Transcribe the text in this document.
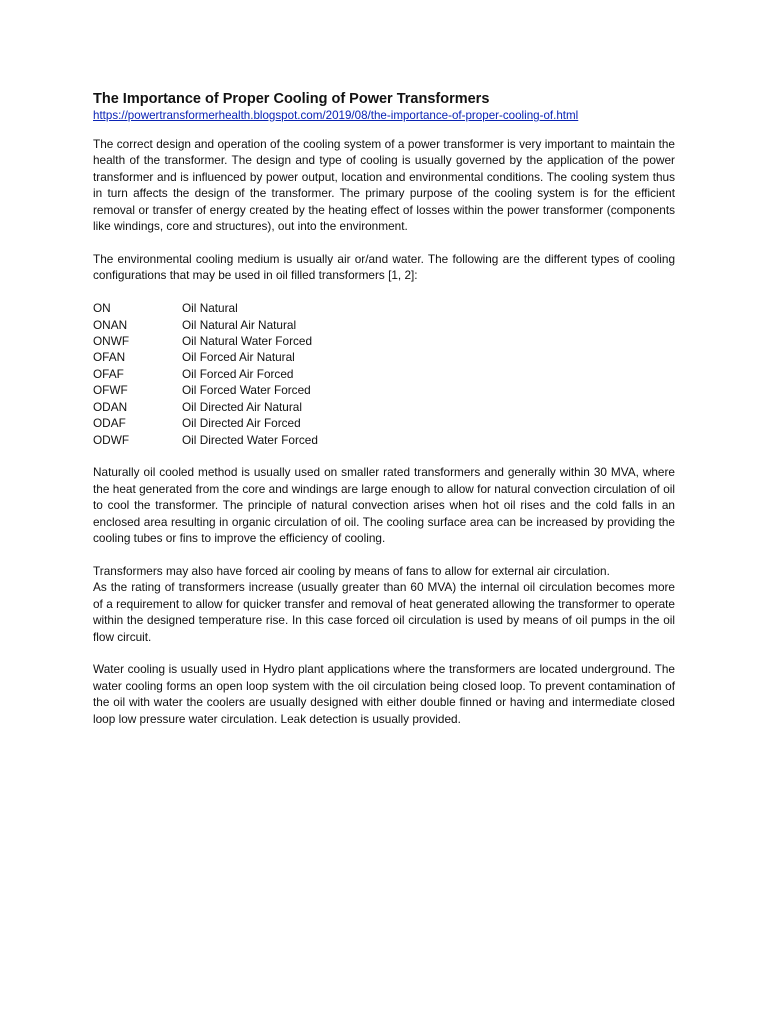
The Importance of Proper Cooling of Power Transformers
https://powertransformerhealth.blogspot.com/2019/08/the-importance-of-proper-cooling-of.html

The correct design and operation of the cooling system of a power transformer is very important to maintain the health of the transformer. The design and type of cooling is usually governed by the application of the power transformer and is influenced by power output, location and environmental conditions. The cooling system thus in turn affects the design of the transformer. The primary purpose of the cooling system is for the efficient removal or transfer of energy created by the heating effect of losses within the power transformer (components like windings, core and structures), out into the environment.

The environmental cooling medium is usually air or/and water. The following are the different types of cooling configurations that may be used in oil filled transformers [1, 2]:

ON	Oil Natural
ONAN	Oil Natural Air Natural
ONWF	Oil Natural Water Forced
OFAN	Oil Forced Air Natural
OFAF	Oil Forced Air Forced
OFWF	Oil Forced Water Forced
ODAN	Oil Directed Air Natural
ODAF	Oil Directed Air Forced
ODWF	Oil Directed Water Forced

Naturally oil cooled method is usually used on smaller rated transformers and generally within 30 MVA, where the heat generated from the core and windings are large enough to allow for natural convection circulation of oil to cool the transformer. The principle of natural convection arises when hot oil rises and the cold falls in an enclosed area resulting in organic circulation of oil. The cooling surface area can be increased by providing the cooling tubes or fins to improve the efficiency of cooling.

Transformers may also have forced air cooling by means of fans to allow for external air circulation.

As the rating of transformers increase (usually greater than 60 MVA) the internal oil circulation becomes more of a requirement to allow for quicker transfer and removal of heat generated allowing the transformer to operate within the designed temperature rise. In this case forced oil circulation is used by means of oil pumps in the oil flow circuit.

Water cooling is usually used in Hydro plant applications where the transformers are located underground. The water cooling forms an open loop system with the oil circulation being closed loop. To prevent contamination of the oil with water the coolers are usually designed with either double finned or having and intermediate closed loop low pressure water circulation. Leak detection is usually provided.
